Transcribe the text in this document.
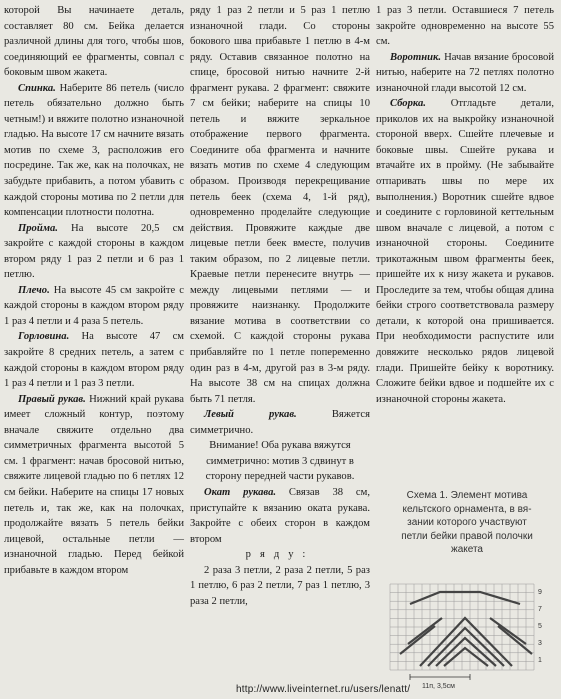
которой Вы начинаете деталь, составляет 80 см. Бейка делается различной длины для того, чтобы шов, соединяющий ее фрагменты, совпал с боковым швом жакета.

Спинка. Наберите 86 петель (число петель обязательно должно быть четным!) и вяжите полотно изнаночной гладью. На высоте 17 см начните вязать мотив по схеме 3, расположив его посредине. Так же, как на полочках, не забудьте прибавить, а потом убавить с каждой стороны мотива по 2 петли для компенсации плотности полотна.

Пройма. На высоте 20,5 см закройте с каждой стороны в каждом втором ряду 1 раз 2 петли и 6 раз 1 петлю.

Плечо. На высоте 45 см закройте с каждой стороны в каждом втором ряду 1 раз 4 петли и 4 раза 5 петель.

Горловина. На высоте 47 см закройте 8 средних петель, а затем с каждой стороны в каждом втором ряду 1 раз 4 петли и 1 раз 3 петли.

Правый рукав. Нижний край рукава имеет сложный контур, поэтому вначале свяжите отдельно два симметричных фрагмента высотой 5 см. 1 фрагмент: начав бросовой нитью, свяжите лицевой гладью по 6 петлях 12 см бейки. Наберите на спицы 17 новых петель и, так же, как на полочках, продолжайте вязать 5 петель бейки лицевой, остальные петли — изнаночной гладью. Перед бейкой прибавьте в каждом втором

ряду 1 раз 2 петли и 5 раз 1 петлю изнаночной глади. Со стороны бокового шва прибавьте 1 петлю в 4-м ряду. Оставив связанное полотно на спице, бросовой нитью начните 2-й фрагмент рукава. 2 фрагмент: свяжите 7 см бейки; наберите на спицы 10 петель и вяжите зеркальное отображение первого фрагмента. Соедините оба фрагмента и начните вязать мотив по схеме 4 следующим образом. Производя перекрещивание петель беек (схема 4, 1-й ряд), одновременно проделайте следующие действия. Провяжите каждые две лицевые петли беек вместе, получив таким образом, по 2 лицевые петли. Краевые петли перенесите внутрь — между лицевыми петлями — и провяжите наизнанку. Продолжите вязание мотива в соответствии со схемой. С каждой стороны рукава прибавляйте по 1 петле попеременно один раз в 4-м, другой раз в 3-м ряду. На высоте 38 см на спицах должна быть 71 петля.

Левый рукав. Вяжется симметрично.

Внимание! Оба рукава вяжутся симметрично: мотив 3 сдвинут в сторону передней части рукавов.

Окат рукава. Связав 38 см, приступайте к вязанию оката рукава. Закройте с обеих сторон в каждом втором

ряду:

2 раза 3 петли, 2 раза 2 петли, 5 раз 1 петлю, 6 раз 2 петли, 7 раз 1 петлю, 3 раза 2 петли,

1 раз 3 петли. Оставшиеся 7 петель закройте одновременно на высоте 55 см.

Воротник. Начав вязание бросовой нитью, наберите на 72 петлях полотно изнаночной глади высотой 12 см.

Сборка. Отгладьте детали, приколов их на выкройку изнаночной стороной вверх. Сшейте плечевые и боковые швы. Сшейте рукава и втачайте их в пройму. (Не забывайте отпаривать швы по мере их выполнения.) Воротник сшейте вдвое и соедините с горловиной кеттельным швом вначале с лицевой, а потом с изнаночной стороны. Соедините трикотажным швом фрагменты беек, пришейте их к низу жакета и рукавов. Проследите за тем, чтобы общая длина бейки строго соответствовала размеру детали, к которой она пришивается. При необходимости распустите или довяжите несколько рядов лицевой глади. Пришейте бейку к воротнику. Сложите бейки вдвое и подшейте их с изнаночной стороны жакета.

Схема 1. Элемент мотива
кельтского орнамента, в вя-
зании которого участвуют
петли бейки правой полочки
жакета
9
7
5
3
1
11п, 3,5см
http://www.liveinternet.ru/users/lenatt/
